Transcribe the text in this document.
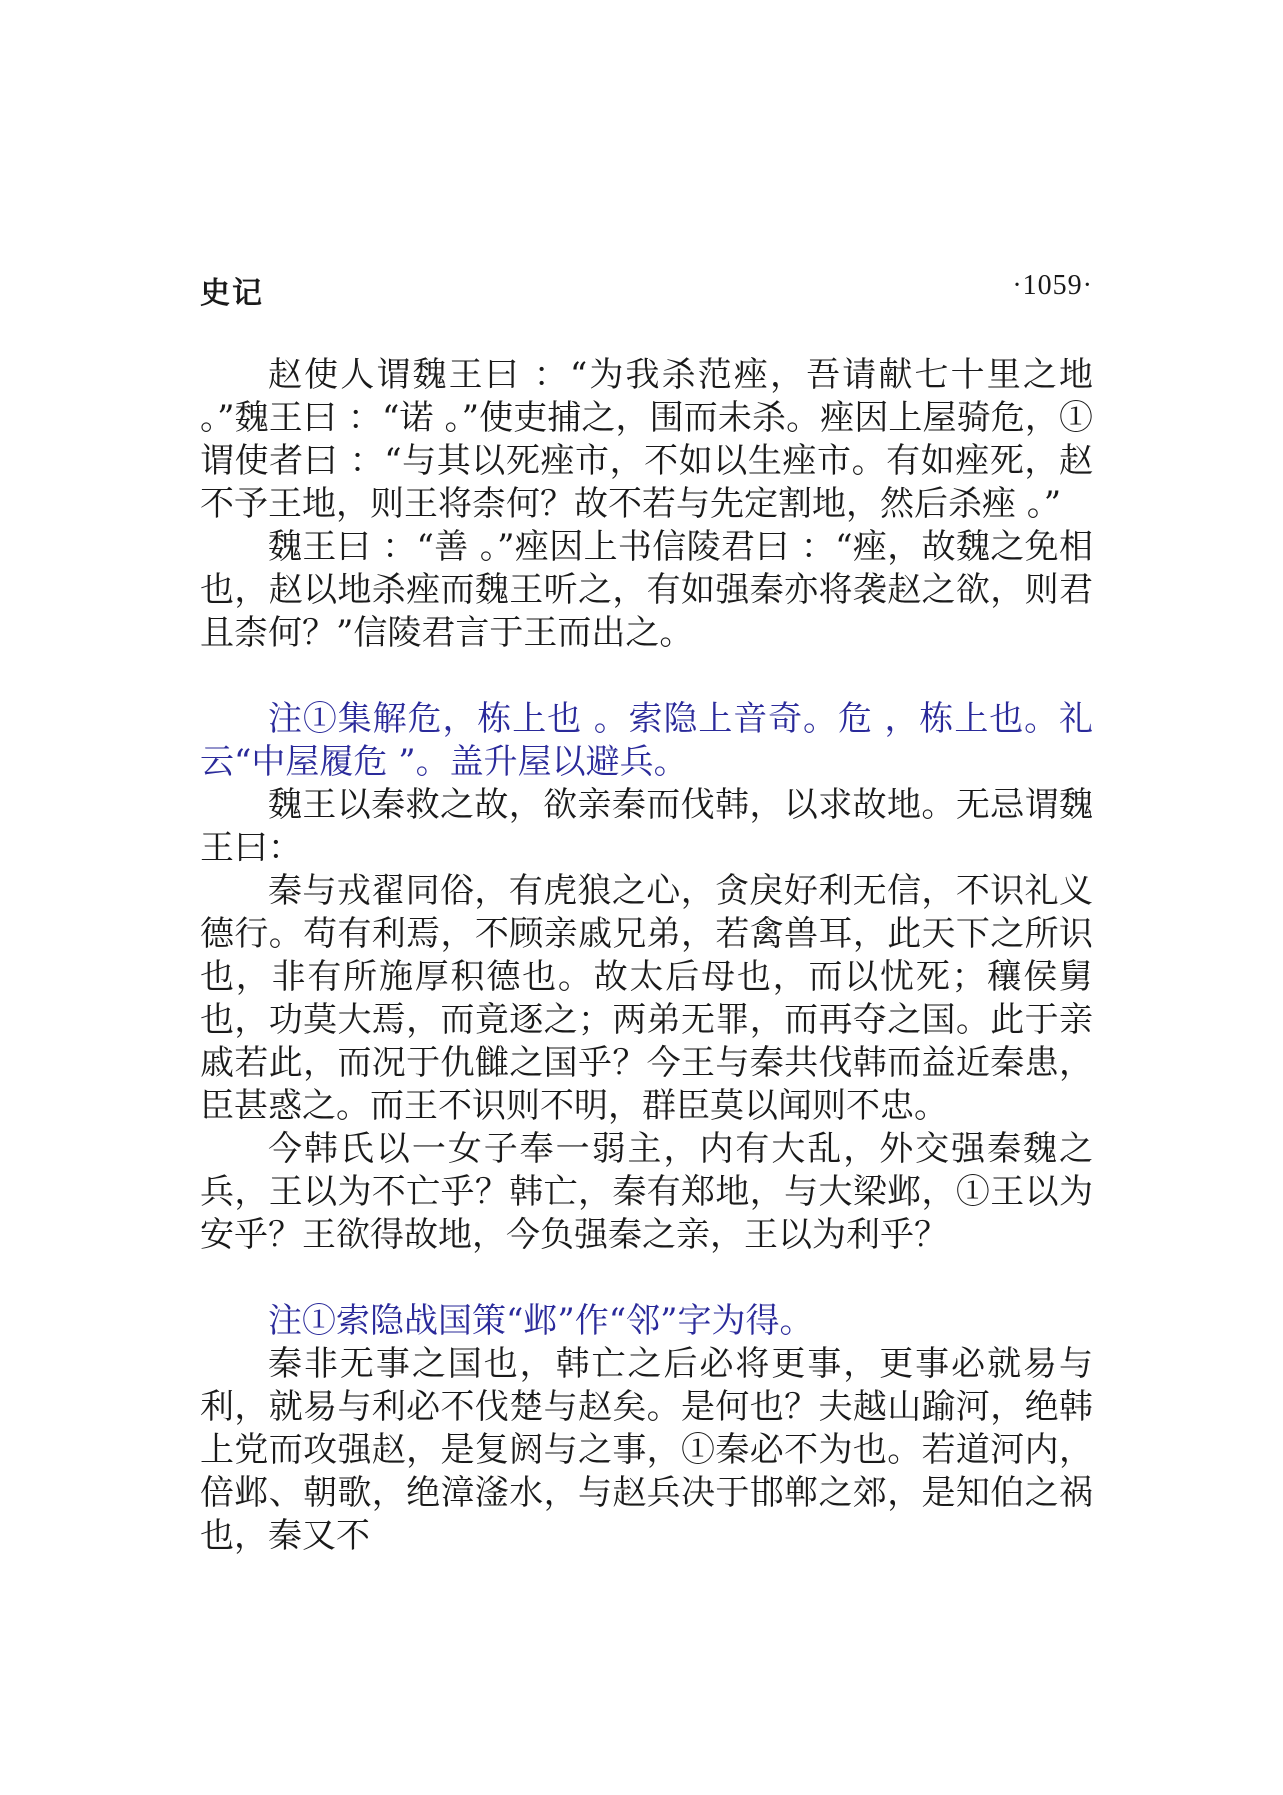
史记	·1059·

赵使人谓魏王曰 ：“为我杀范痤，吾请献七十里之地 。”魏王曰 ：“诺 。”使吏捕之，围而未杀。痤因上屋骑危，①谓使者曰 ：“与其以死痤市，不如以生痤市。有如痤死，赵不予王地，则王将柰何？故不若与先定割地，然后杀痤 。”

魏王曰 ：“善 。”痤因上书信陵君曰 ：“痤，故魏之免相也，赵以地杀痤而魏王听之，有如强秦亦将袭赵之欲，则君且柰何？”信陵君言于王而出之。

注①集解危，栋上也 。索隐上音奇。危 ，栋上也。礼云“中屋履危 ”。盖升屋以避兵。

魏王以秦救之故，欲亲秦而伐韩，以求故地。无忌谓魏王曰：

秦与戎翟同俗，有虎狼之心，贪戾好利无信，不识礼义德行。苟有利焉，不顾亲戚兄弟，若禽兽耳，此天下之所识也，非有所施厚积德也。故太后母也，而以忧死；穰侯舅也，功莫大焉，而竟逐之；两弟无罪，而再夺之国。此于亲戚若此，而况于仇雠之国乎？今王与秦共伐韩而益近秦患，臣甚惑之。而王不识则不明，群臣莫以闻则不忠。

今韩氏以一女子奉一弱主，内有大乱，外交强秦魏之兵，王以为不亡乎？韩亡，秦有郑地，与大梁邺，①王以为安乎？王欲得故地，今负强秦之亲，王以为利乎？

注①索隐战国策“邺”作“邻”字为得。

秦非无事之国也，韩亡之后必将更事，更事必就易与利，就易与利必不伐楚与赵矣。是何也？夫越山踰河，绝韩上党而攻强赵，是复阏与之事，①秦必不为也。若道河内，倍邺、朝歌，绝漳滏水，与赵兵决于邯郸之郊，是知伯之祸也，秦又不
